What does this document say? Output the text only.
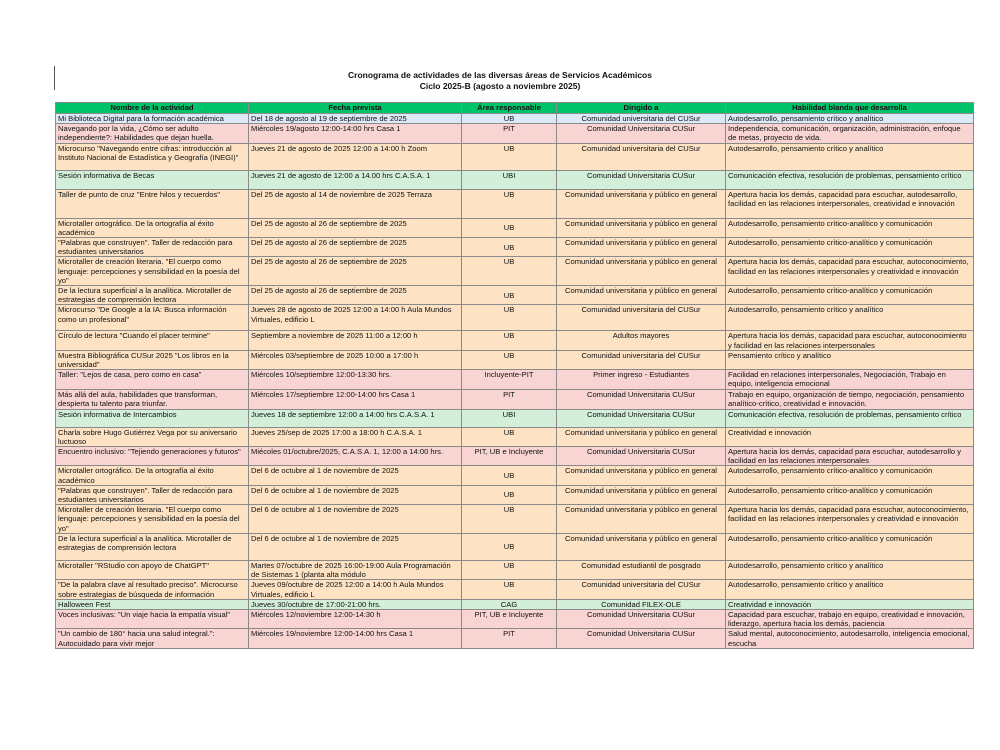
Cronograma de actividades de las diversas áreas de Servicios Académicos
Ciclo 2025-B (agosto a noviembre 2025)
Nombre de la actividad	Fecha prevista	Área responsable	Dirigido a	Habilidad blanda que desarrolla
Mi Biblioteca Digital para la formación académica	Del 18 de agosto al 19 de septiembre de 2025	UB	Comunidad universitaria del CUSur	Autodesarrollo, pensamiento crítico y analítico
Navegando por la vida, ¿Cómo ser adulto independiente?: Habilidades que dejan huella.	Miércoles 19/agosto 12:00-14:00 hrs Casa 1	PIT	Comunidad Universitaria CUSur	Independencia, comunicación, organización, administración, enfoque de metas, proyecto de vida.
Microcurso "Navegando entre cifras: introducción al Instituto Nacional de Estadística y Geografía (INEGI)"	Jueves 21 de agosto de 2025 12:00 a 14:00 h Zoom	UB	Comunidad universitaria del CUSur	Autodesarrollo, pensamiento crítico y analítico
Sesión informativa de Becas	Jueves 21 de agosto de 12:00 a 14.00 hrs C.A.S.A. 1	UBI	Comunidad Universitaria CUSur	Comunicación efectiva, resolución de problemas, pensamiento crítico
Taller de punto de cruz "Entre hilos y recuerdos"	Del 25 de agosto al 14 de noviembre de 2025 Terraza	UB	Comunidad universitaria y público en general	Apertura hacia los demás, capacidad para escuchar, autodesarrollo, facilidad en las relaciones interpersonales, creatividad e innovación
Microtaller ortográfico. De la ortografía al éxito académico	Del 25 de agosto al 26 de septiembre de 2025	UB	Comunidad universitaria y público en general	Autodesarrollo, pensamiento crítico-analítico y comunicación
"Palabras que construyen". Taller de redacción para estudiantes universitarios	Del 25 de agosto al 26 de septiembre de 2025	UB	Comunidad universitaria y público en general	Autodesarrollo, pensamiento crítico-analítico y comunicación
Microtaller de creación literaria. "El cuerpo como lenguaje: percepciones y sensibilidad en la poesía del yo"	Del 25 de agosto al 26 de septiembre de 2025	UB	Comunidad universitaria y público en general	Apertura hacia los demás, capacidad para escuchar, autoconocimiento, facilidad en las relaciones interpersonales y creatividad e innovación
De la lectura superficial a la analítica. Microtaller de estrategias de comprensión lectora	Del 25 de agosto al 26 de septiembre de 2025	UB	Comunidad universitaria y público en general	Autodesarrollo, pensamiento crítico-analítico y comunicación
Microcurso "De Google a la IA: Busca información como un profesional"	Jueves 28 de agosto de 2025 12:00 a 14:00 h Aula Mundos Virtuales, edificio L	UB	Comunidad universitaria del CUSur	Autodesarrollo, pensamiento crítico y analítico
Círculo de lectura "Cuando el placer termine"	Septiembre a noviembre de 2025 11:00 a 12:00 h	UB	Adultos mayores	Apertura hacia los demás, capacidad para escuchar, autoconocimiento y facilidad en las relaciones interpersonales
Muestra Bibliográfica CUSur 2025 "Los libros en la universidad"	Miércoles 03/septiembre de 2025 10:00 a 17:00 h	UB	Comunidad universitaria del CUSur	Pensamiento crítico y analítico
Taller: "Lejos de casa, pero como en casa"	Miércoles 10/septiembre 12:00-13:30 hrs.	Incluyente-PIT	Primer ingreso - Estudiantes	Facilidad en relaciones interpersonales, Negociación, Trabajo en equipo, inteligencia emocional
Más allá del aula, habilidades que transforman, despierta tu talento para triunfar.	Miércoles 17/septiembre 12:00-14:00 hrs Casa 1	PIT	Comunidad Universitaria CUSur	Trabajo en equipo, organización de tiempo, negociación, pensamiento analítico-crítico, creatividad e innovación.
Sesión informativa de Intercambios	Jueves 18 de septiembre 12:00 a 14:00 hrs C.A.S.A. 1	UBI	Comunidad Universitaria CUSur	Comunicación efectiva, resolución de problemas, pensamiento crítico
Charla sobre Hugo Gutiérrez Vega por su aniversario luctuoso	Jueves 25/sep de 2025 17:00 a 18:00 h C.A.S.A. 1	UB	Comunidad universitaria y público en general	Creatividad e innovación
Encuentro inclusivo: "Tejiendo generaciones y futuros"	Miécoles 01/octubre/2025, C.A.S.A. 1, 12:00 a 14:00 hrs.	PIT, UB e Incluyente	Comunidad Universitaria CUSur	Apertura hacia los demás, capacidad para escuchar, autodesarrollo y facilidad en las relaciones interpersonales
Microtaller ortográfico. De la ortografía al éxito académico	Del 6 de octubre al 1 de noviembre de 2025	UB	Comunidad universitaria y público en general	Autodesarrollo, pensamiento crítico-analítico y comunicación
"Palabras que construyen". Taller de redacción para estudiantes universitarios	Del 6 de octubre al 1 de noviembre de 2025	UB	Comunidad universitaria y público en general	Autodesarrollo, pensamiento crítico-analítico y comunicación
Microtaller de creación literaria. "El cuerpo como lenguaje: percepciones y sensibilidad en la poesía del yo"	Del 6 de octubre al 1 de noviembre de 2025	UB	Comunidad universitaria y público en general	Apertura hacia los demás, capacidad para escuchar, autoconocimiento, facilidad en las relaciones interpersonales y creatividad e innovación
De la lectura superficial a la analítica. Microtaller de estrategias de comprensión lectora	Del 6 de octubre al 1 de noviembre de 2025	UB	Comunidad universitaria y público en general	Autodesarrollo, pensamiento crítico-analítico y comunicación
Microtaller "RStudio con apoyo de ChatGPT"	Martes 07/octubre de 2025 16:00-19:00 Aula Programación de Sistemas 1 (planta alta módulo	UB	Comunidad estudiantil de posgrado	Autodesarrollo, pensamiento crítico y analítico
"De la palabra clave al resultado preciso". Microcurso sobre estrategias de búsqueda de información	Jueves 09/octubre de 2025 12:00 a 14:00 h Aula Mundos Virtuales, edificio L	UB	Comunidad universitaria del CUSur	Autodesarrollo, pensamiento crítico y analítico
Halloween Fest	Jueves 30/octubre de 17:00-21:00 hrs.	CAG	Comunidad FILEX-OLE	Creatividad e innovación
Voces inclusivas: "Un viaje hacia la empatía visual"	Miércoles 12/noviembre 12:00-14:30 h	PIT, UB e Incluyente	Comunidad Universitaria CUSur	Capacidad para escuchar, trabajo en equipo, creatividad e innovación, liderazgo, apertura hacia los demás, paciencia
"Un cambio de 180° hacia una salud integral.": Autocuidado para vivir mejor	Miércoles 19/noviembre 12:00-14:00 hrs Casa 1	PIT	Comunidad Universitaria CUSur	Salud mental, autoconocimiento, autodesarrollo, inteligencia emocional, escucha
